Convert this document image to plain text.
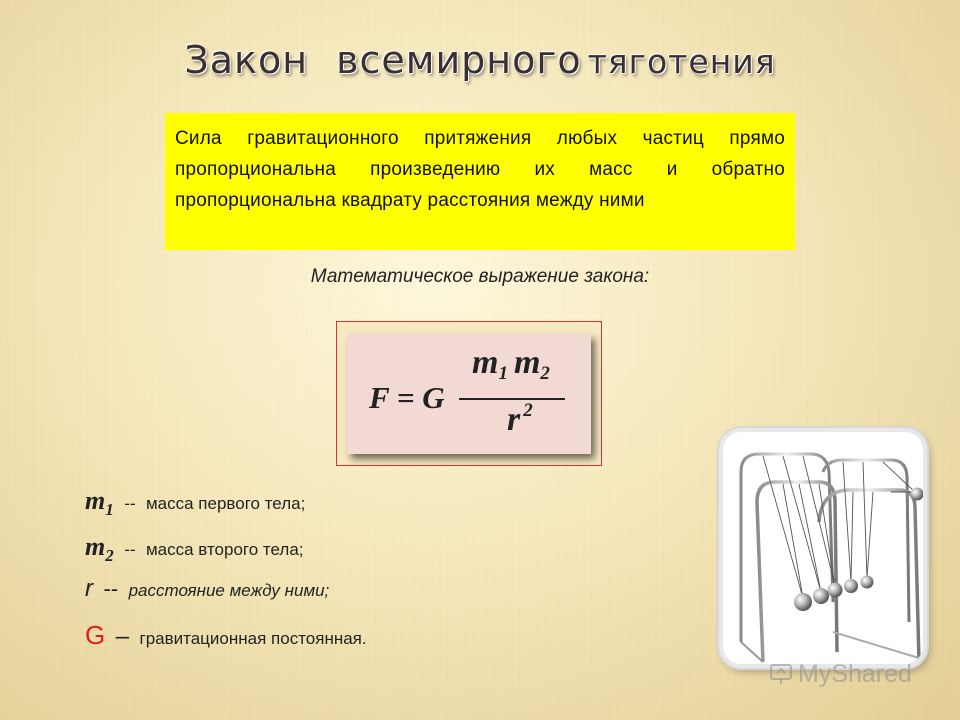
Закон всемирного тяготения

Сила гравитационного притяжения любых частиц прямо пропорциональна произведению их масс и обратно пропорциональна квадрату расстояния между ними

Математическое выражение закона:
F = G
$m_1$ $m_2$
r $^2$
$m_1$ -- масса первого тела;
$m_2$ -- масса второго тела;
r -- расстояние между ними;
G – гравитационная постоянная.
MyShared
